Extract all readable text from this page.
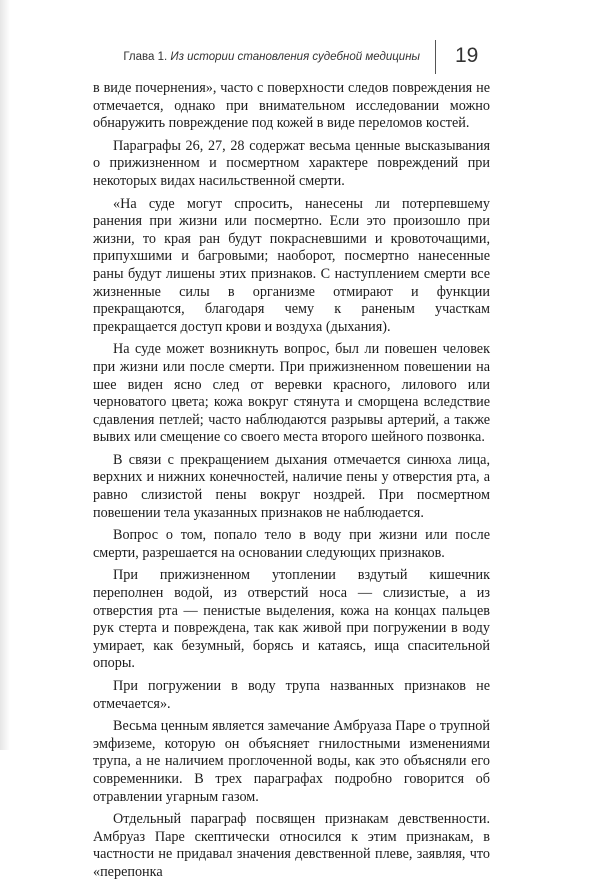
Глава 1. Из истории становления судебной медицины 19

в виде почернения», часто с поверхности следов повреждения не отмечается, однако при внимательном исследовании можно обнаружить повреждение под кожей в виде переломов костей.

Параграфы 26, 27, 28 содержат весьма ценные высказывания о прижизненном и посмертном характере повреждений при некоторых видах насильственной смерти.

«На суде могут спросить, нанесены ли потерпевшему ранения при жизни или посмертно. Если это произошло при жизни, то края ран будут покрасневшими и кровоточащими, припухшими и багровыми; наоборот, посмертно нанесенные раны будут лишены этих признаков. С наступлением смерти все жизненные силы в организме отмирают и функции прекращаются, благодаря чему к раненым участкам прекращается доступ крови и воздуха (дыхания).

На суде может возникнуть вопрос, был ли повешен человек при жизни или после смерти. При прижизненном повешении на шее виден ясно след от веревки красного, лилового или черноватого цвета; кожа вокруг стянута и сморщена вследствие сдавления петлей; часто наблюдаются разрывы артерий, а также вывих или смещение со своего места второго шейного позвонка.

В связи с прекращением дыхания отмечается синюха лица, верхних и нижних конечностей, наличие пены у отверстия рта, а равно слизистой пены вокруг ноздрей. При посмертном повешении тела указанных признаков не наблюдается.

Вопрос о том, попало тело в воду при жизни или после смерти, разрешается на основании следующих признаков.

При прижизненном утоплении вздутый кишечник переполнен водой, из отверстий носа — слизистые, а из отверстия рта — пенистые выделения, кожа на концах пальцев рук стерта и повреждена, так как живой при погружении в воду умирает, как безумный, борясь и катаясь, ища спасительной опоры.

При погружении в воду трупа названных признаков не отмечается».

Весьма ценным является замечание Амбруаза Паре о трупной эмфиземе, которую он объясняет гнилостными изменениями трупа, а не наличием проглоченной воды, как это объясняли его современники. В трех параграфах подробно говорится об отравлении угарным газом.

Отдельный параграф посвящен признакам девственности. Амбруаз Паре скептически относился к этим признакам, в частности не придавал значения девственной плеве, заявляя, что «перепонка
